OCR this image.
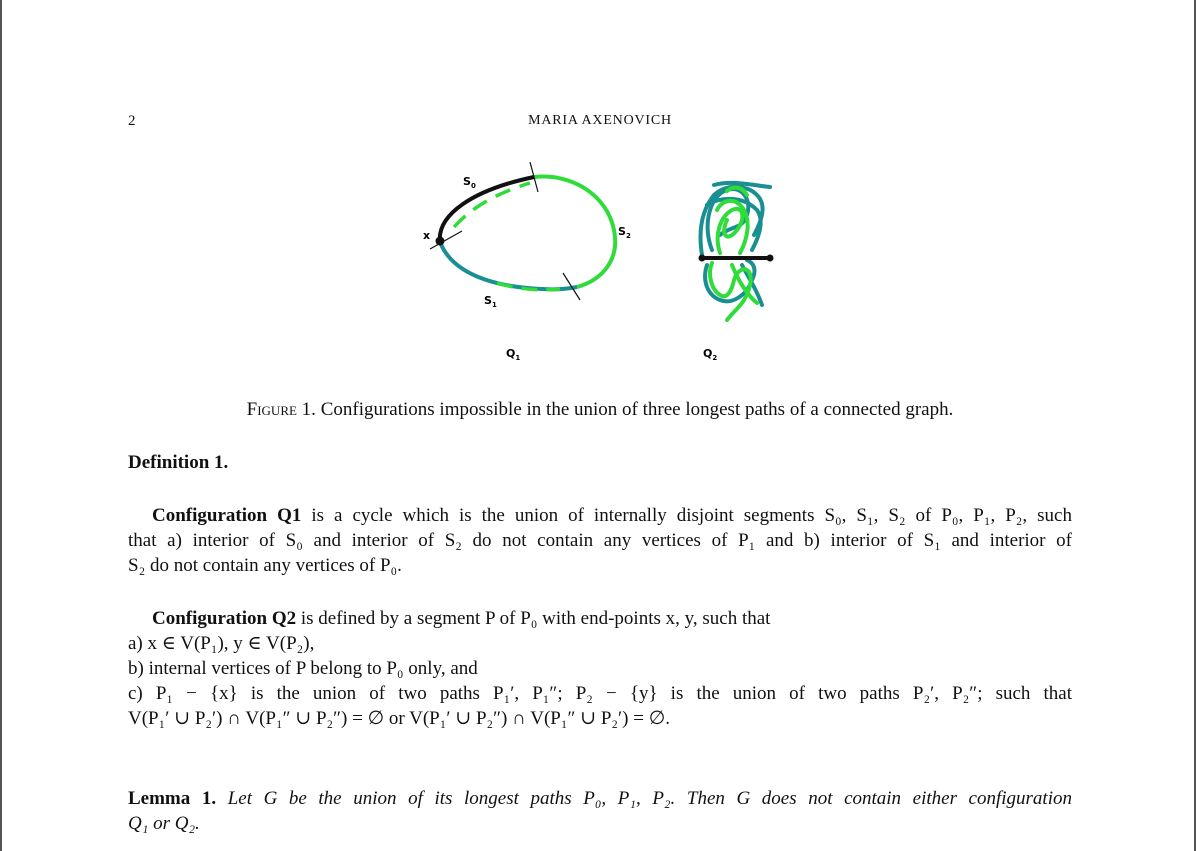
2	MARIA AXENOVICH
$S_0$
x
$S_1$
$S_2$
$Q_1$	$Q_2$
Figure 1. Configurations impossible in the union of three longest paths of a connected graph.
Definition 1.
Configuration Q1 is a cycle which is the union of internally disjoint segments S₀, S₁, S₂ of P₀, P₁, P₂, such
that a) interior of S₀ and interior of S₂ do not contain any vertices of P₁ and b) interior of S₁ and interior of
S₂ do not contain any vertices of P₀.
Configuration Q2 is defined by a segment P of P₀ with end-points x, y, such that
a) x ∈ V(P₁), y ∈ V(P₂),
b) internal vertices of P belong to P₀ only, and
c) P₁ − {x} is the union of two paths P₁′, P₁″; P₂ − {y} is the union of two paths P₂′, P₂″; such that
V(P₁′ ∪ P₂′) ∩ V(P₁″ ∪ P₂″) = ∅ or V(P₁′ ∪ P₂″) ∩ V(P₁″ ∪ P₂′) = ∅.
Lemma 1. Let G be the union of its longest paths P₀, P₁, P₂. Then G does not contain either configuration
Q₁ or Q₂.
